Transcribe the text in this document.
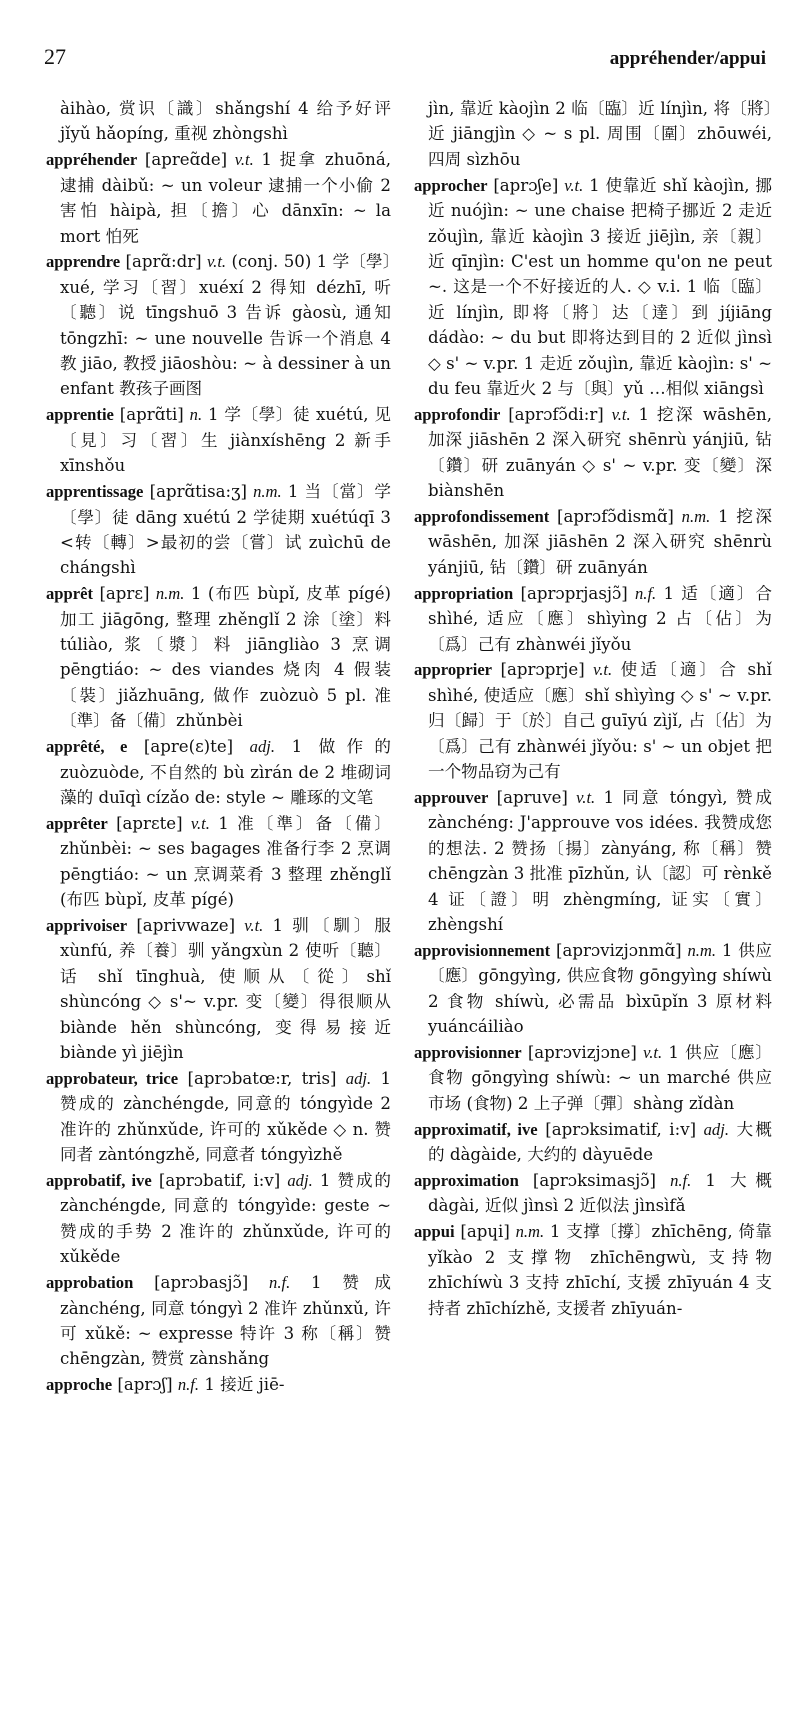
27	appréhender/appui

àihào, 赏识〔識〕shǎngshí 4 给予好评 jǐyǔ hǎopíng, 重视 zhòngshì

appréhender [apreɑ̃de] v.t. 1 捉拿 zhuōná, 逮捕 dàibǔ: ~ un voleur 逮捕一个小偷 2 害怕 hàipà, 担〔擔〕心 dānxīn: ~ la mort 怕死

apprendre [aprɑ̃:dr] v.t. (conj. 50) 1 学〔學〕xué, 学习〔習〕xuéxí 2 得知 dézhī, 听〔聽〕说 tīngshuō 3 告诉 gàosù, 通知 tōngzhī: ~ une nouvelle 告诉一个消息 4 教 jiāo, 教授 jiāoshòu: ~ à dessiner à un enfant 教孩子画图

apprentie [aprɑ̃ti] n. 1 学〔學〕徒 xuétú, 见〔見〕习〔習〕生 jiànxíshēng 2 新手 xīnshǒu

apprentissage [aprɑ̃tisa:ʒ] n.m. 1 当〔當〕学〔學〕徒 dāng xuétú 2 学徒期 xuétúqī 3 <转〔轉〕>最初的尝〔嘗〕试 zuìchū de chángshì

apprêt [aprɛ] n.m. 1 (布匹 bùpǐ, 皮革 pígé)加工 jiāgōng, 整理 zhěnglǐ 2 涂〔塗〕料 túliào, 浆〔漿〕料 jiāngliào 3 烹调 pēngtiáo: ~ des viandes 烧肉 4 假装〔裝〕jiǎzhuāng, 做作 zuòzuò 5 pl. 准〔準〕备〔備〕zhǔnbèi

apprêté, e [apre(ɛ)te] adj. 1 做作的 zuòzuòde, 不自然的 bù zìrán de 2 堆砌词藻的 duīqì cízǎo de: style ~ 雕琢的文笔

apprêter [aprɛte] v.t. 1 准〔準〕备〔備〕zhǔnbèi: ~ ses bagages 准备行李 2 烹调 pēngtiáo: ~ un 烹调菜肴 3 整理 zhěnglǐ (布匹 bùpǐ, 皮革 pígé)

apprivoiser [aprivwaze] v.t. 1 驯〔馴〕服 xùnfú, 养〔養〕驯 yǎngxùn 2 使听〔聽〕话 shǐ tīnghuà, 使顺从〔從〕shǐ shùncóng ◇ s'~ v.pr. 变〔變〕得很顺从 biànde hěn shùncóng, 变得易接近 biànde yì jiējìn

approbateur, trice [aprɔbatœ:r, tris] adj. 1 赞成的 zànchéngde, 同意的 tóngyìde 2 准许的 zhǔnxǔde, 许可的 xǔkěde ◇ n. 赞同者 zàntóngzhě, 同意者 tóngyìzhě

approbatif, ive [aprɔbatif, i:v] adj. 1 赞成的 zànchéngde, 同意的 tóngyìde: geste ~赞成的手势 2 准许的 zhǔnxǔde, 许可的 xǔkěde

approbation [aprɔbasjɔ̃] n.f. 1 赞成 zànchéng, 同意 tóngyì 2 准许 zhǔnxǔ, 许可 xǔkě: ~ expresse 特许 3 称〔稱〕赞 chēngzàn, 赞赏 zànshǎng

approche [aprɔʃ] n.f. 1 接近 jiē-

jìn, 靠近 kàojìn 2 临〔臨〕近 línjìn, 将〔將〕近 jiāngjìn ◇ ~ s pl. 周围〔圍〕zhōuwéi, 四周 sìzhōu

approcher [aprɔʃe] v.t. 1 使靠近 shǐ kàojìn, 挪近 nuójìn: ~ une chaise 把椅子挪近 2 走近 zǒujìn, 靠近 kàojìn 3 接近 jiējìn, 亲〔親〕近 qīnjìn: C'est un homme qu'on ne peut ~. 这是一个不好接近的人. ◇ v.i. 1 临〔臨〕近 línjìn, 即将〔將〕达〔達〕到 jíjiāng dádào: ~ du but 即将达到目的 2 近似 jìnsì ◇ s' ~ v.pr. 1 走近 zǒujìn, 靠近 kàojìn: s' ~ du feu 靠近火 2 与〔與〕yǔ …相似 xiāngsì

approfondir [aprɔfɔ̃di:r] v.t. 1 挖深 wāshēn, 加深 jiāshēn 2 深入研究 shēnrù yánjiū, 钻〔鑽〕研 zuānyán ◇ s' ~ v.pr. 变〔變〕深 biànshēn

approfondissement [aprɔfɔ̃dismɑ̃] n.m. 1 挖深 wāshēn, 加深 jiāshēn 2 深入研究 shēnrù yánjiū, 钻〔鑽〕研 zuānyán

appropriation [aprɔprjasjɔ̃] n.f. 1 适〔適〕合 shìhé, 适应〔應〕shìyìng 2 占〔佔〕为〔爲〕己有 zhànwéi jǐyǒu

approprier [aprɔprje] v.t. 使适〔適〕合 shǐ shìhé, 使适应〔應〕shǐ shìyìng ◇ s' ~ v.pr. 归〔歸〕于〔於〕自己 guīyú zìjǐ, 占〔佔〕为〔爲〕己有 zhànwéi jǐyǒu: s' ~ un objet 把一个物品窃为己有

approuver [apruve] v.t. 1 同意 tóngyì, 赞成 zànchéng: J'approuve vos idées. 我赞成您的想法. 2 赞扬〔揚〕zànyáng, 称〔稱〕赞 chēngzàn 3 批准 pīzhǔn, 认〔認〕可 rènkě 4 证〔證〕明 zhèngmíng, 证实〔實〕zhèngshí

approvisionnement [aprɔvizjɔnmɑ̃] n.m. 1 供应〔應〕gōngyìng, 供应食物 gōngyìng shíwù 2 食物 shíwù, 必需品 bìxūpǐn 3 原材料 yuáncáiliào

approvisionner [aprɔvizjɔne] v.t. 1 供应〔應〕食物 gōngyìng shíwù: ~ un marché 供应市场 (食物) 2 上子弹〔彈〕shàng zǐdàn

approximatif, ive [aprɔksimatif, i:v] adj. 大概的 dàgàide, 大约的 dàyuēde

approximation [aprɔksimasjɔ̃] n.f. 1 大概 dàgài, 近似 jìnsì 2 近似法 jìnsìfǎ

appui [apɥi] n.m. 1 支撑〔撐〕zhīchēng, 倚靠 yǐkào 2 支撑物 zhīchēngwù, 支持物 zhīchíwù 3 支持 zhīchí, 支援 zhīyuán 4 支持者 zhīchízhě, 支援者 zhīyuán-
